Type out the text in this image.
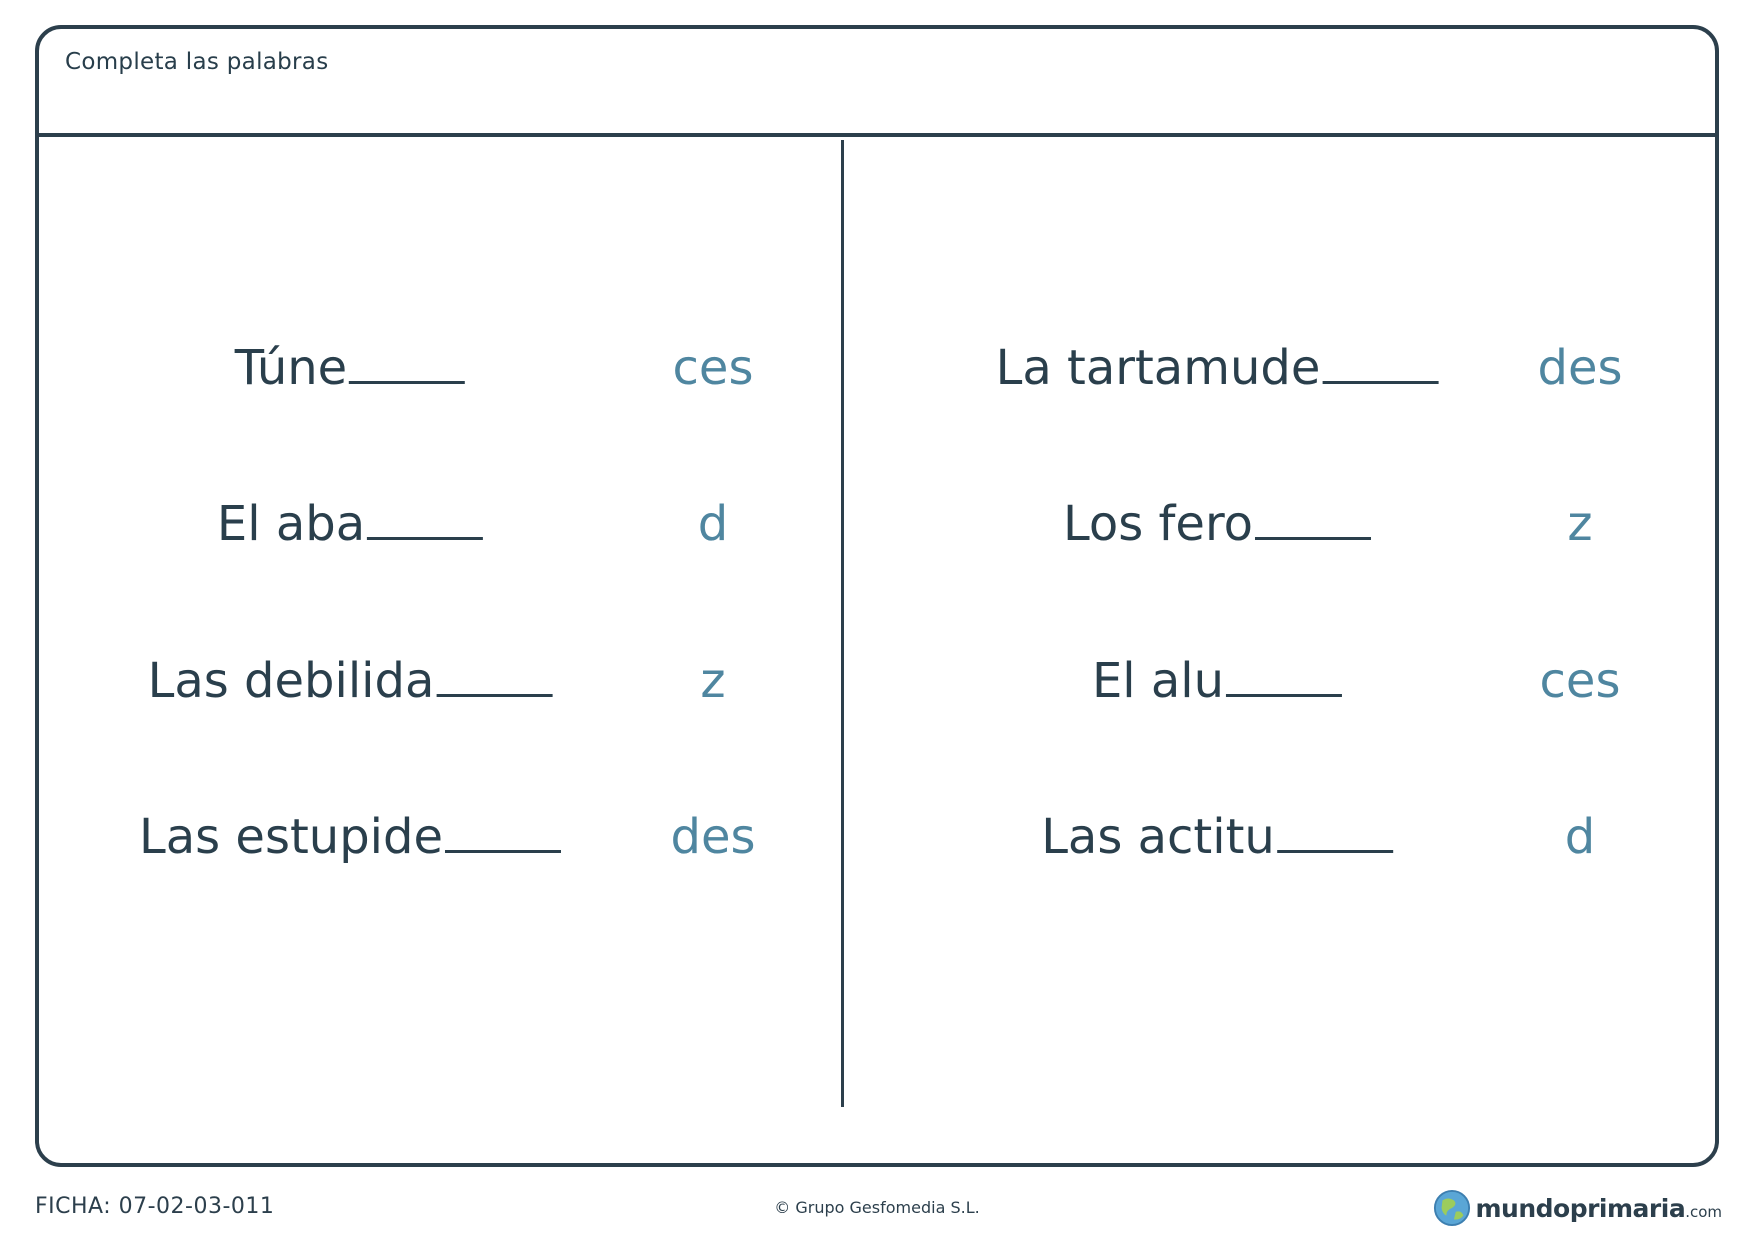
Completa las palabras
Túne	ces
El aba	d
Las debilida	z
Las estupide	des
La tartamude	des
Los fero	z
El alu	ces
Las actitu	d
FICHA: 07-02-03-011	© Grupo Gesfomedia S.L.	mundoprimaria .com
